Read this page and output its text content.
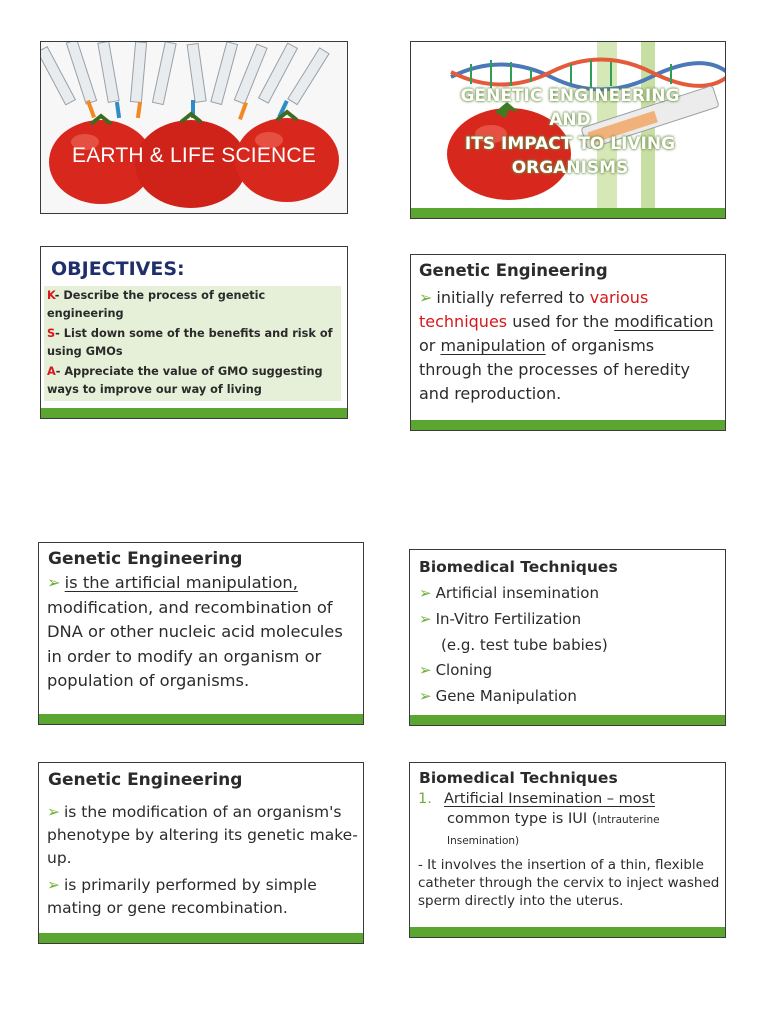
EARTH & LIFE SCIENCE
GENETIC ENGINEERING
AND
ITS IMPACT TO LIVING
ORGANISMS
OBJECTIVES:
K- Describe the process of genetic engineering
S- List down some of the benefits and risk of using GMOs
A- Appreciate the value of GMO suggesting ways to improve our way of living
Genetic Engineering
➢ initially referred to various techniques used for the modification or manipulation of organisms through the processes of heredity and reproduction.
Genetic Engineering
➢ is the artificial manipulation, modification, and recombination of DNA or other nucleic acid molecules in order to modify an organism or population of organisms.
Biomedical Techniques
➢ Artificial insemination
➢ In-Vitro Fertilization
(e.g. test tube babies)
➢ Cloning
➢ Gene Manipulation
Genetic Engineering
➢ is the modification of an organism's phenotype by altering its genetic make-up.
➢ is primarily performed by simple mating or gene recombination.
Biomedical Techniques
1. Artificial Insemination – most
common type is IUI (Intrauterine Insemination)
- It involves the insertion of a thin, flexible catheter through the cervix to inject washed sperm directly into the uterus.
